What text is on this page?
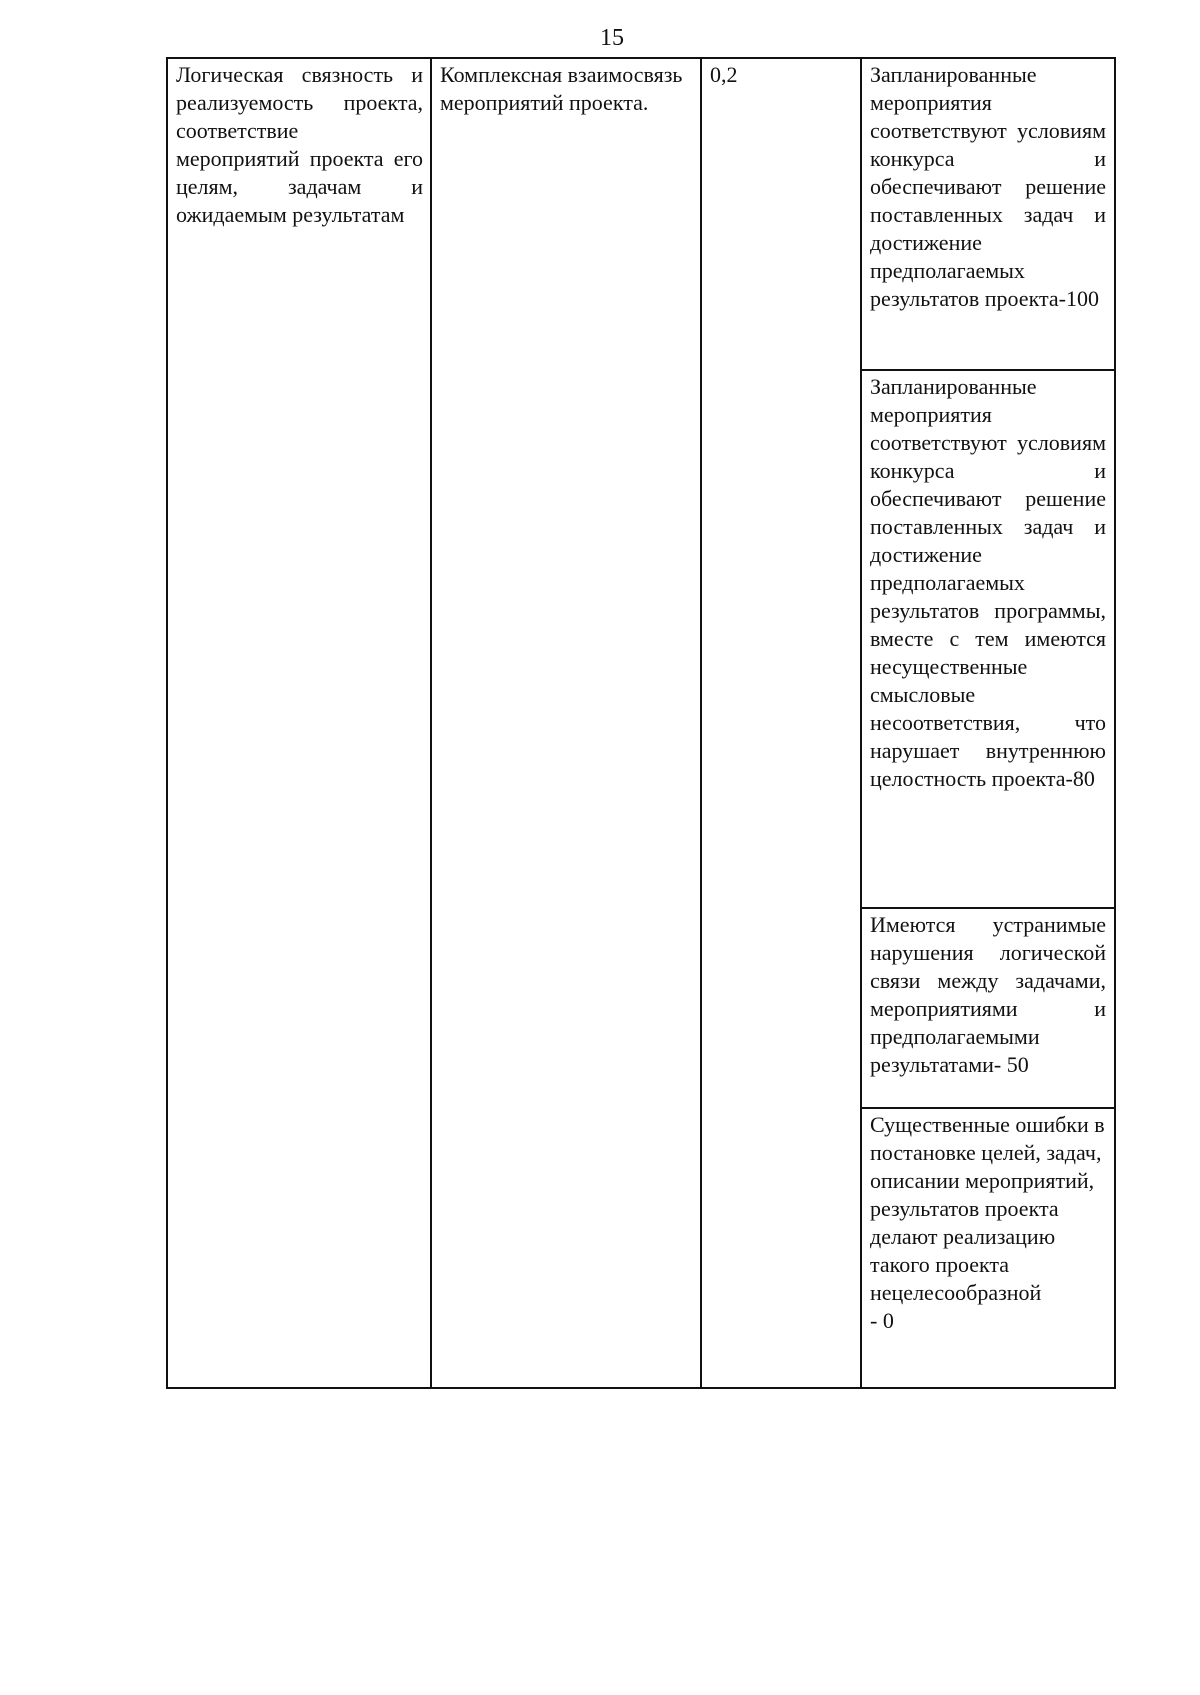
15
Логическая связность и реализуемость проекта, соответствие мероприятий проекта его целям, задачам и ожидаемым результатам
Комплексная взаимосвязь мероприятий проекта.
0,2	Запланированные мероприятия соответствуют условиям конкурса и обеспечивают решение поставленных задач и достижение предполагаемых результатов проекта-100
Запланированные мероприятия соответствуют условиям конкурса и обеспечивают решение поставленных задач и достижение предполагаемых результатов программы, вместе с тем имеются несущественные смысловые несоответствия, что нарушает внутреннюю целостность проекта-80
Имеются устранимые нарушения логической связи между задачами, мероприятиями и предполагаемыми результатами- 50
Существенные ошибки в постановке целей, задач, описании мероприятий, результатов проекта делают реализацию такого проекта нецелесообразной
- 0
